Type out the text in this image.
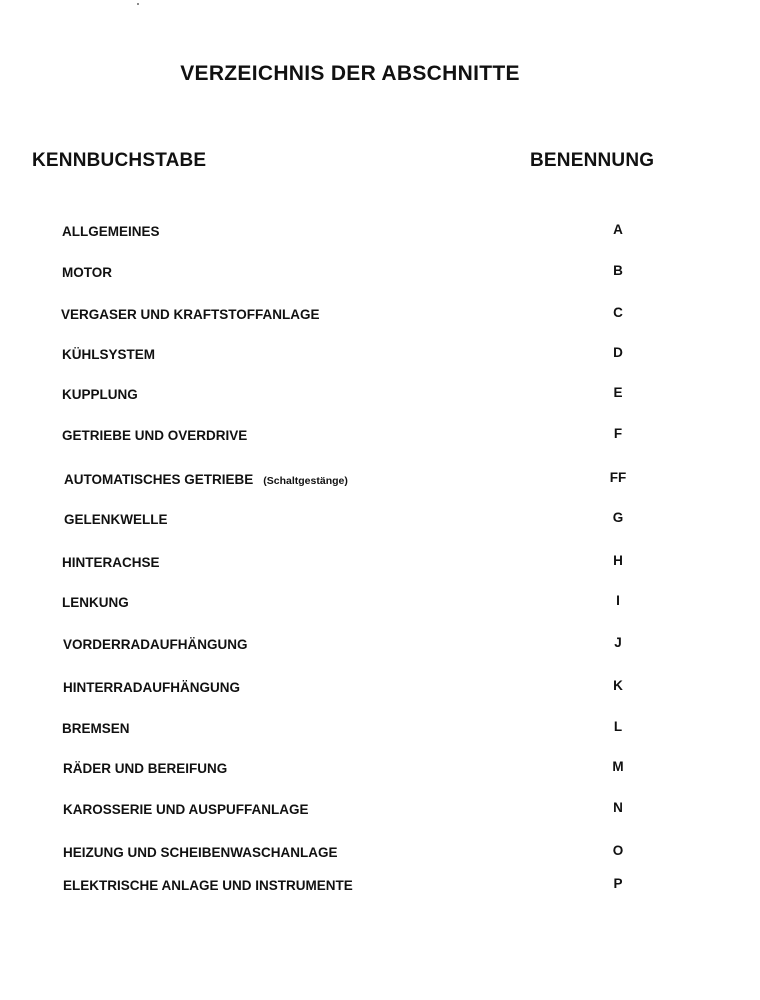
VERZEICHNIS DER ABSCHNITTE
KENNBUCHSTABE	BENENNUNG
ALLGEMEINES	A
MOTOR	B
VERGASER UND KRAFTSTOFFANLAGE	C
KÜHLSYSTEM	D
KUPPLUNG	E
GETRIEBE UND OVERDRIVE	F
AUTOMATISCHES GETRIEBE (Schaltgestänge)	FF
GELENKWELLE	G
HINTERACHSE	H
LENKUNG	I
VORDERRADAUFHÄNGUNG	J
HINTERRADAUFHÄNGUNG	K
BREMSEN	L
RÄDER UND BEREIFUNG	M
KAROSSERIE UND AUSPUFFANLAGE	N
HEIZUNG UND SCHEIBENWASCHANLAGE	O
ELEKTRISCHE ANLAGE UND INSTRUMENTE	P
